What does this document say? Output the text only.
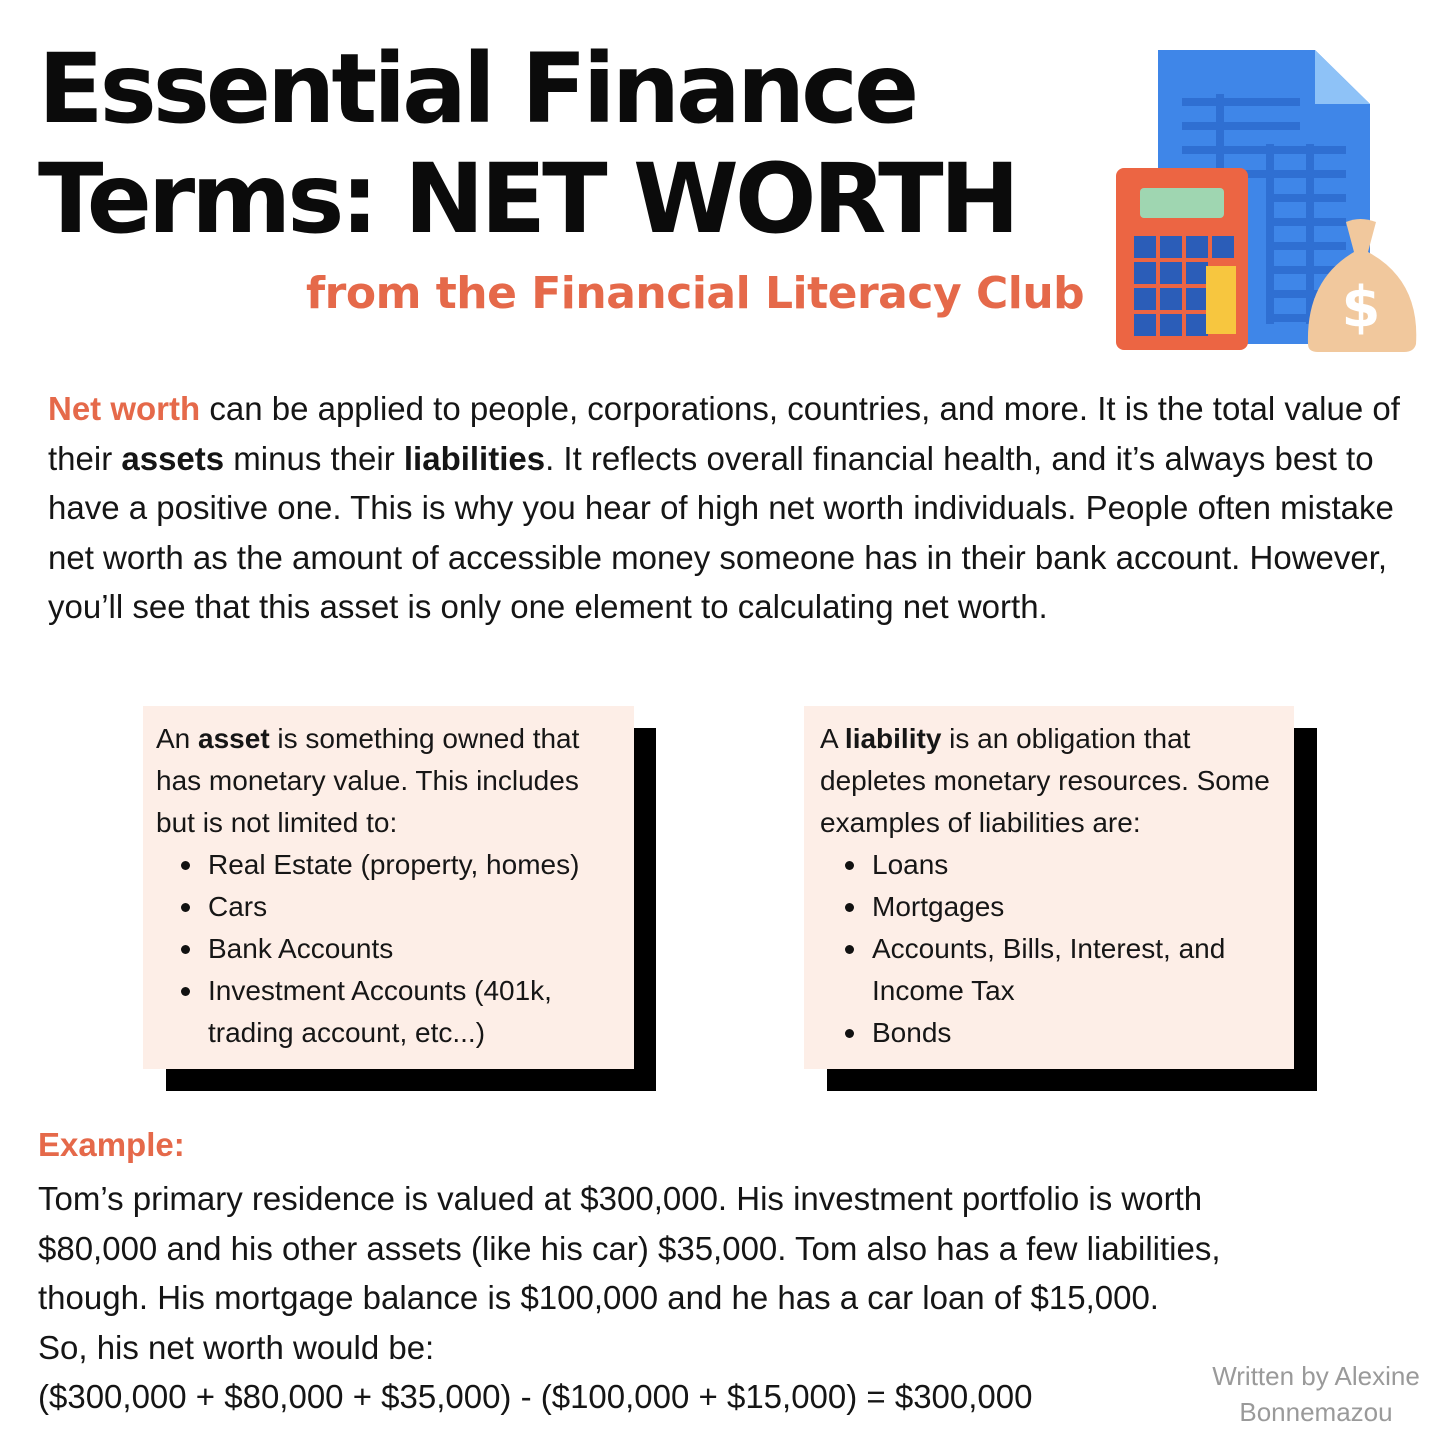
Essential Finance
Terms: NET WORTH

from the Financial Literacy Club	$

Net worth can be applied to people, corporations, countries, and more. It is the total value of their assets minus their liabilities. It reflects overall financial health, and it’s always best to have a positive one. This is why you hear of high net worth individuals. People often mistake net worth as the amount of accessible money someone has in their bank account. However, you’ll see that this asset is only one element to calculating net worth.

An asset is something owned that has monetary value. This includes but is not limited to:

Real Estate (property, homes)
Cars
Bank Accounts
Investment Accounts (401k, trading account, etc...)

A liability is an obligation that depletes monetary resources. Some examples of liabilities are:

Loans
Mortgages
Accounts, Bills, Interest, and Income Tax
Bonds

Example:

Tom’s primary residence is valued at $300,000. His investment portfolio is worth
$80,000 and his other assets (like his car) $35,000. Tom also has a few liabilities,
though. His mortgage balance is $100,000 and he has a car loan of $15,000.
So, his net worth would be:
($300,000 + $80,000 + $35,000) - ($100,000 + $15,000) = $300,000

Written by Alexine
Bonnemazou
